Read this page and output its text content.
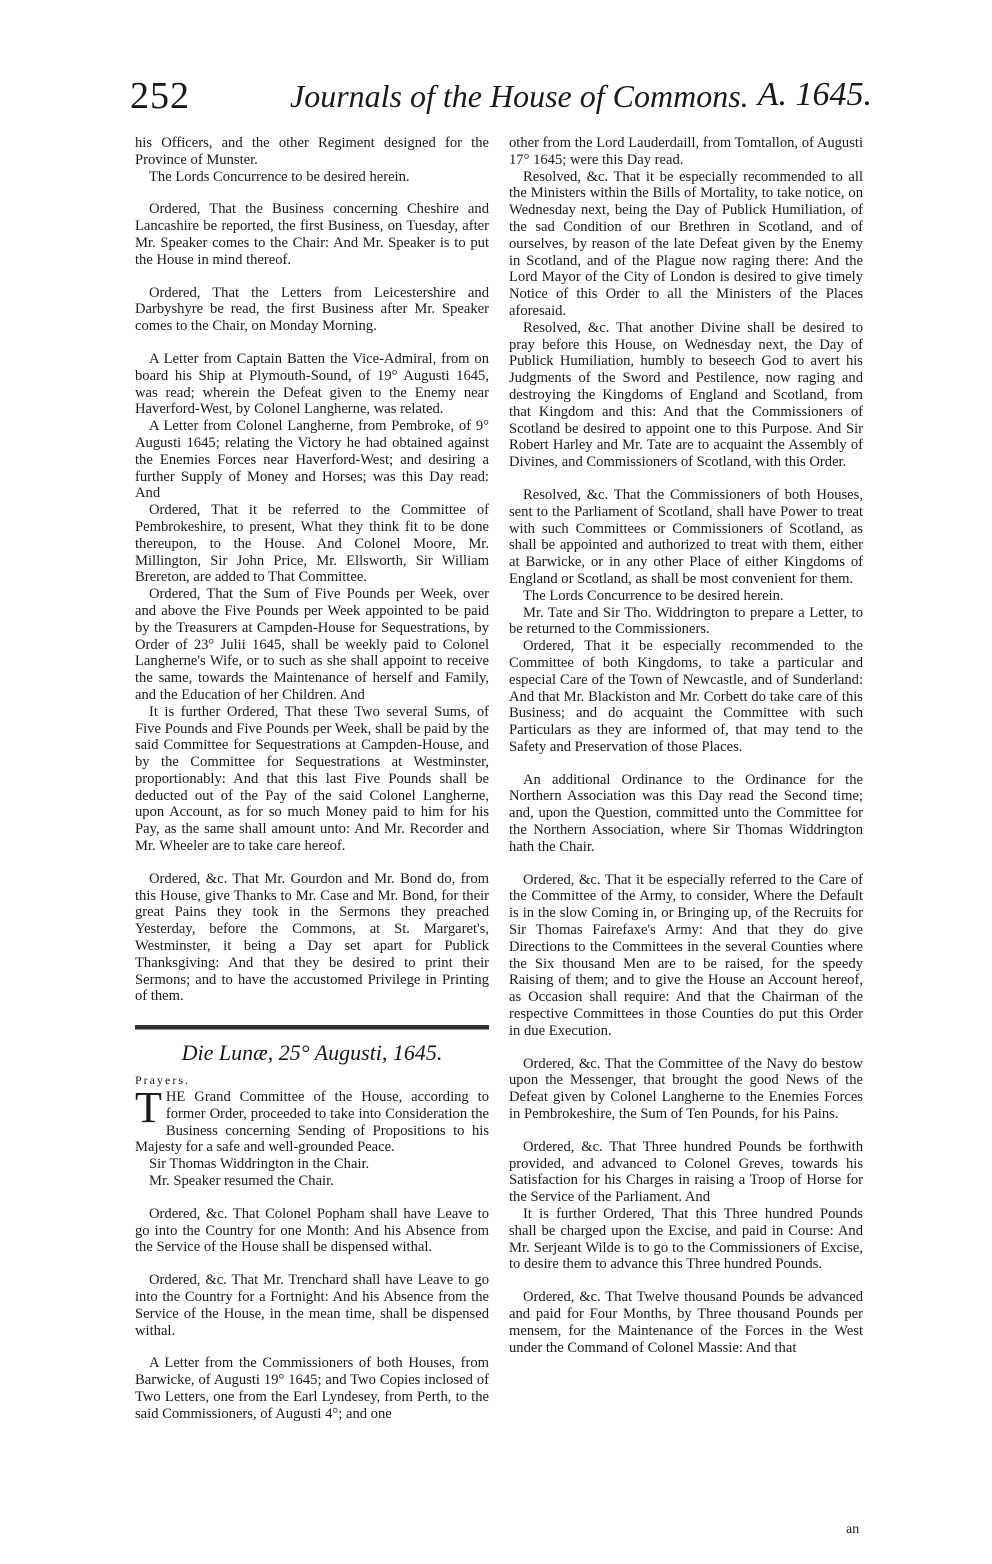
252	Journals of the House of Commons. A. 1645.

his Officers, and the other Regiment designed for the Province of Munster.

The Lords Concurrence to be desired herein.

Ordered, That the Business concerning Cheshire and Lancashire be reported, the first Business, on Tuesday, after Mr. Speaker comes to the Chair: And Mr. Speaker is to put the House in mind thereof.

Ordered, That the Letters from Leicestershire and Darbyshyre be read, the first Business after Mr. Speaker comes to the Chair, on Monday Morning.

A Letter from Captain Batten the Vice-Admiral, from on board his Ship at Plymouth-Sound, of 19° Augusti 1645, was read; wherein the Defeat given to the Enemy near Haverford-West, by Colonel Langherne, was related.

A Letter from Colonel Langherne, from Pembroke, of 9° Augusti 1645; relating the Victory he had obtained against the Enemies Forces near Haverford-West; and desiring a further Supply of Money and Horses; was this Day read: And

Ordered, That it be referred to the Committee of Pembrokeshire, to present, What they think fit to be done thereupon, to the House. And Colonel Moore, Mr. Millington, Sir John Price, Mr. Ellsworth, Sir William Brereton, are added to That Committee.

Ordered, That the Sum of Five Pounds per Week, over and above the Five Pounds per Week appointed to be paid by the Treasurers at Campden-House for Sequestrations, by Order of 23° Julii 1645, shall be weekly paid to Colonel Langherne's Wife, or to such as she shall appoint to receive the same, towards the Maintenance of herself and Family, and the Education of her Children. And

It is further Ordered, That these Two several Sums, of Five Pounds and Five Pounds per Week, shall be paid by the said Committee for Sequestrations at Campden-House, and by the Committee for Sequestrations at Westminster, proportionably: And that this last Five Pounds shall be deducted out of the Pay of the said Colonel Langherne, upon Account, as for so much Money paid to him for his Pay, as the same shall amount unto: And Mr. Recorder and Mr. Wheeler are to take care hereof.

Ordered, &c. That Mr. Gourdon and Mr. Bond do, from this House, give Thanks to Mr. Case and Mr. Bond, for their great Pains they took in the Sermons they preached Yesterday, before the Commons, at St. Margaret's, Westminster, it being a Day set apart for Publick Thanksgiving: And that they be desired to print their Sermons; and to have the accustomed Privilege in Printing of them.

Die Lunæ, 25° Augusti, 1645.

Prayers.

THE Grand Committee of the House, according to former Order, proceeded to take into Consideration the Business concerning Sending of Propositions to his Majesty for a safe and well-grounded Peace.

Sir Thomas Widdrington in the Chair.

Mr. Speaker resumed the Chair.

Ordered, &c. That Colonel Popham shall have Leave to go into the Country for one Month: And his Absence from the Service of the House shall be dispensed withal.

Ordered, &c. That Mr. Trenchard shall have Leave to go into the Country for a Fortnight: And his Absence from the Service of the House, in the mean time, shall be dispensed withal.

A Letter from the Commissioners of both Houses, from Barwicke, of Augusti 19° 1645; and Two Copies inclosed of Two Letters, one from the Earl Lyndesey, from Perth, to the said Commissioners, of Augusti 4°; and one

other from the Lord Lauderdaill, from Tomtallon, of Augusti 17° 1645; were this Day read.

Resolved, &c. That it be especially recommended to all the Ministers within the Bills of Mortality, to take notice, on Wednesday next, being the Day of Publick Humiliation, of the sad Condition of our Brethren in Scotland, and of ourselves, by reason of the late Defeat given by the Enemy in Scotland, and of the Plague now raging there: And the Lord Mayor of the City of London is desired to give timely Notice of this Order to all the Ministers of the Places aforesaid.

Resolved, &c. That another Divine shall be desired to pray before this House, on Wednesday next, the Day of Publick Humiliation, humbly to beseech God to avert his Judgments of the Sword and Pestilence, now raging and destroying the Kingdoms of England and Scotland, from that Kingdom and this: And that the Commissioners of Scotland be desired to appoint one to this Purpose. And Sir Robert Harley and Mr. Tate are to acquaint the Assembly of Divines, and Commissioners of Scotland, with this Order.

Resolved, &c. That the Commissioners of both Houses, sent to the Parliament of Scotland, shall have Power to treat with such Committees or Commissioners of Scotland, as shall be appointed and authorized to treat with them, either at Barwicke, or in any other Place of either Kingdoms of England or Scotland, as shall be most convenient for them.

The Lords Concurrence to be desired herein.

Mr. Tate and Sir Tho. Widdrington to prepare a Letter, to be returned to the Commissioners.

Ordered, That it be especially recommended to the Committee of both Kingdoms, to take a particular and especial Care of the Town of Newcastle, and of Sunderland: And that Mr. Blackiston and Mr. Corbett do take care of this Business; and do acquaint the Committee with such Particulars as they are informed of, that may tend to the Safety and Preservation of those Places.

An additional Ordinance to the Ordinance for the Northern Association was this Day read the Second time; and, upon the Question, committed unto the Committee for the Northern Association, where Sir Thomas Widdrington hath the Chair.

Ordered, &c. That it be especially referred to the Care of the Committee of the Army, to consider, Where the Default is in the slow Coming in, or Bringing up, of the Recruits for Sir Thomas Fairefaxe's Army: And that they do give Directions to the Committees in the several Counties where the Six thousand Men are to be raised, for the speedy Raising of them; and to give the House an Account hereof, as Occasion shall require: And that the Chairman of the respective Committees in those Counties do put this Order in due Execution.

Ordered, &c. That the Committee of the Navy do bestow upon the Messenger, that brought the good News of the Defeat given by Colonel Langherne to the Enemies Forces in Pembrokeshire, the Sum of Ten Pounds, for his Pains.

Ordered, &c. That Three hundred Pounds be forthwith provided, and advanced to Colonel Greves, towards his Satisfaction for his Charges in raising a Troop of Horse for the Service of the Parliament. And

It is further Ordered, That this Three hundred Pounds shall be charged upon the Excise, and paid in Course: And Mr. Serjeant Wilde is to go to the Commissioners of Excise, to desire them to advance this Three hundred Pounds.

Ordered, &c. That Twelve thousand Pounds be advanced and paid for Four Months, by Three thousand Pounds per mensem, for the Maintenance of the Forces in the West under the Command of Colonel Massie: And that

an
